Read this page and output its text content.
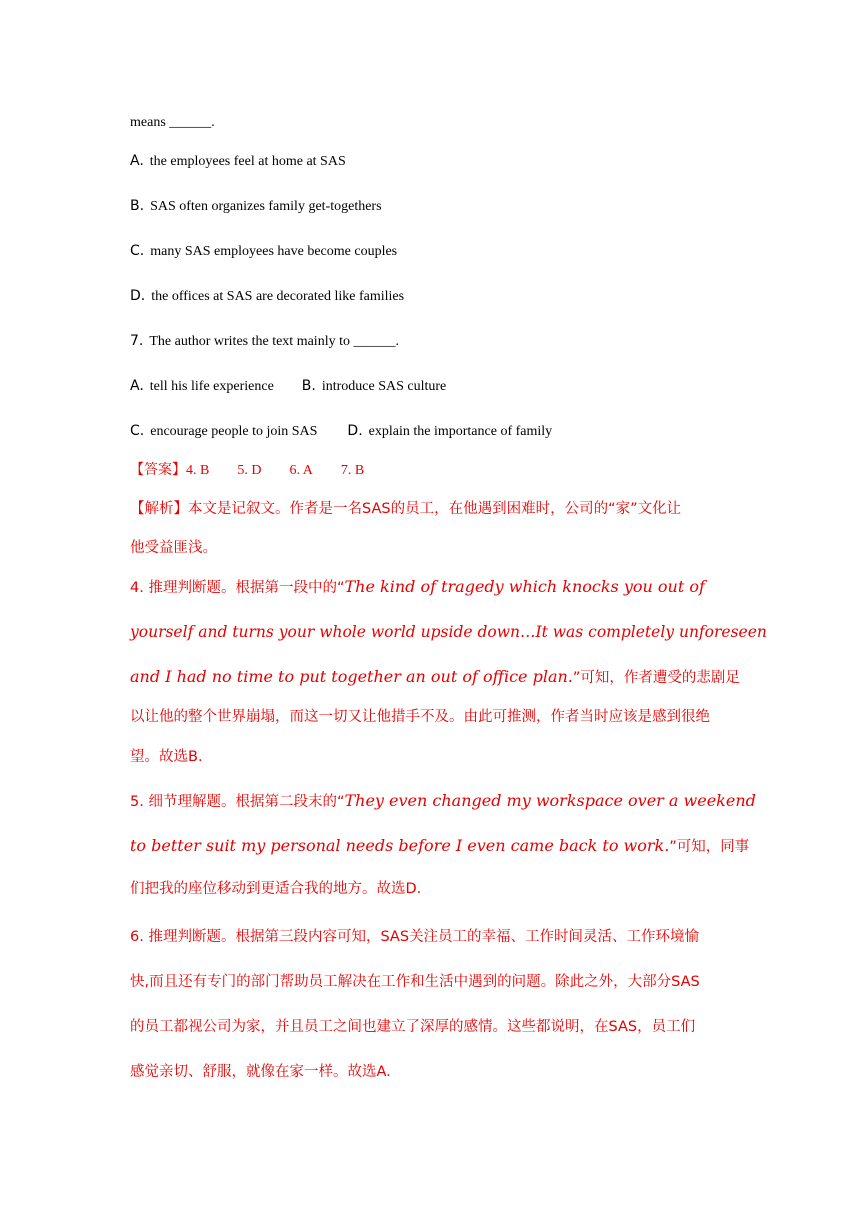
means ______.
A. the employees feel at home at SAS
B. SAS often organizes family get-togethers
C. many SAS employees have become couples
D. the offices at SAS are decorated like families
7. The author writes the text mainly to ______.
A. tell his life experience B. introduce SAS culture
C. encourage people to join SAS D. explain the importance of family
【答案】4. B 5. D 6. A 7. B
【解析】本文是记叙文。作者是一名SAS的员工，在他遇到困难时，公司的“家”文化让
他受益匪浅。
4. 推理判断题。根据第一段中的“The kind of tragedy which knocks you out of
yourself and turns your whole world upside down…It was completely unforeseen
and I had no time to put together an out of office plan.”可知，作者遭受的悲剧足
以让他的整个世界崩塌，而这一切又让他措手不及。由此可推测，作者当时应该是感到很绝
望。故选B.
5. 细节理解题。根据第二段末的“They even changed my workspace over a weekend
to better suit my personal needs before I even came back to work.”可知，同事
们把我的座位移动到更适合我的地方。故选D.
6. 推理判断题。根据第三段内容可知，SAS关注员工的幸福、工作时间灵活、工作环境愉
快,而且还有专门的部门帮助员工解决在工作和生活中遇到的问题。除此之外，大部分SAS
的员工都视公司为家，并且员工之间也建立了深厚的感情。这些都说明，在SAS，员工们
感觉亲切、舒服，就像在家一样。故选A.
